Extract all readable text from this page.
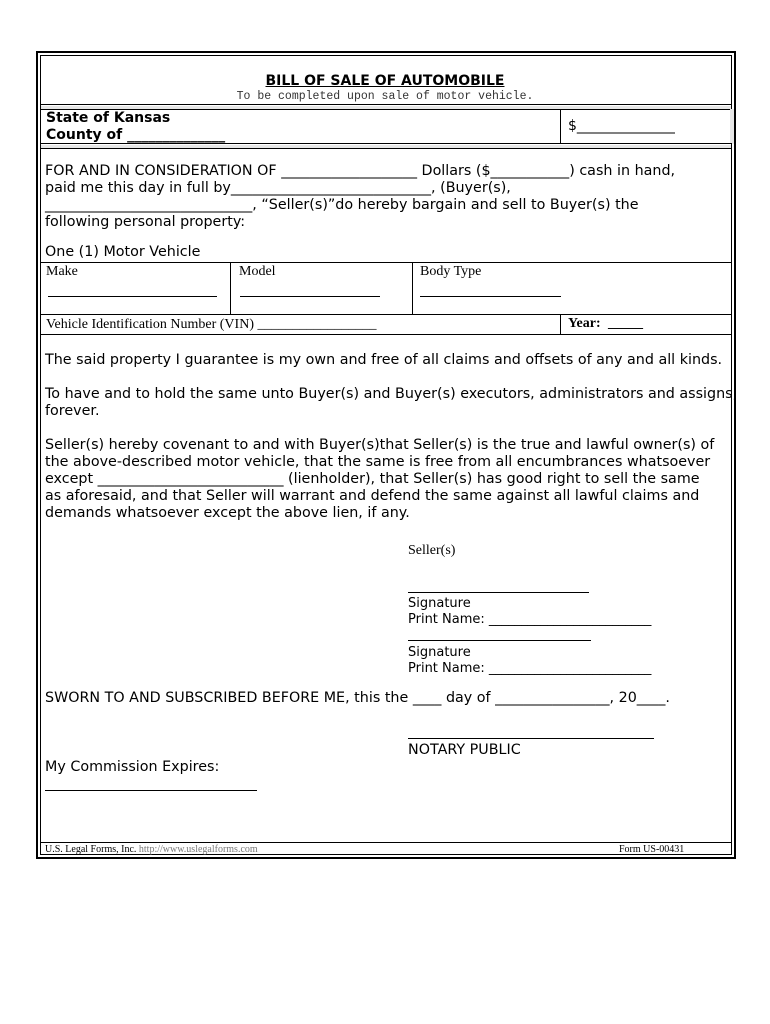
BILL OF SALE OF AUTOMOBILE
To be completed upon sale of motor vehicle.
State of Kansas
County of ______________
$______________
FOR AND IN CONSIDERATION OF ___________________ Dollars ($___________) cash in hand,
paid me this day in full by____________________________, (Buyer(s),
_____________________________, “Seller(s)”do hereby bargain and sell to Buyer(s) the
following personal property:
One (1) Motor Vehicle
Make	Model	Body Type
Vehicle Identification Number (VIN) _________________	Year: _____
The said property I guarantee is my own and free of all claims and offsets of any and all kinds.
To have and to hold the same unto Buyer(s) and Buyer(s) executors, administrators and assigns,
forever.
Seller(s) hereby covenant to and with Buyer(s)that Seller(s) is the true and lawful owner(s) of
the above-described motor vehicle, that the same is free from all encumbrances whatsoever
except __________________________ (lienholder), that Seller(s) has good right to sell the same
as aforesaid, and that Seller will warrant and defend the same against all lawful claims and
demands whatsoever except the above lien, if any.
Seller(s)
Signature
Print Name: _________________________
Signature
Print Name: _________________________
SWORN TO AND SUBSCRIBED BEFORE ME, this the ____ day of ________________, 20____.
NOTARY PUBLIC
My Commission Expires:
U.S. Legal Forms, Inc. http://www.uslegalforms.com	Form US-00431
